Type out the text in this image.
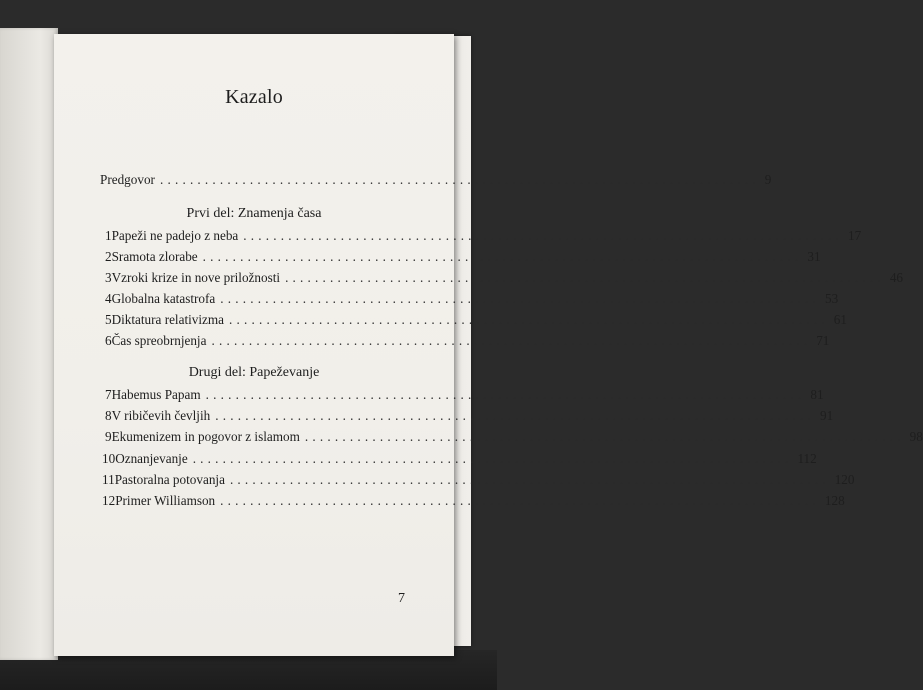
Kazalo
Predgovor ................................................................................ 9
Prvi del: Znamenja časa
1 Papeži ne padejo z neba ................................................................................ 17
2 Sramota zlorabe ................................................................................ 31
3 Vzroki krize in nove priložnosti ................................................................................ 46
4 Globalna katastrofa ................................................................................ 53
5 Diktatura relativizma ................................................................................ 61
6 Čas spreobrnjenja ................................................................................ 71
Drugi del: Papeževanje
7 Habemus Papam ................................................................................ 81
8 V ribičevih čevljih ................................................................................ 91
9 Ekumenizem in pogovor z islamom ................................................................................ 98
10 Oznanjevanje ................................................................................ 112
11 Pastoralna potovanja ................................................................................ 120
12 Primer Williamson ................................................................................ 128
7
